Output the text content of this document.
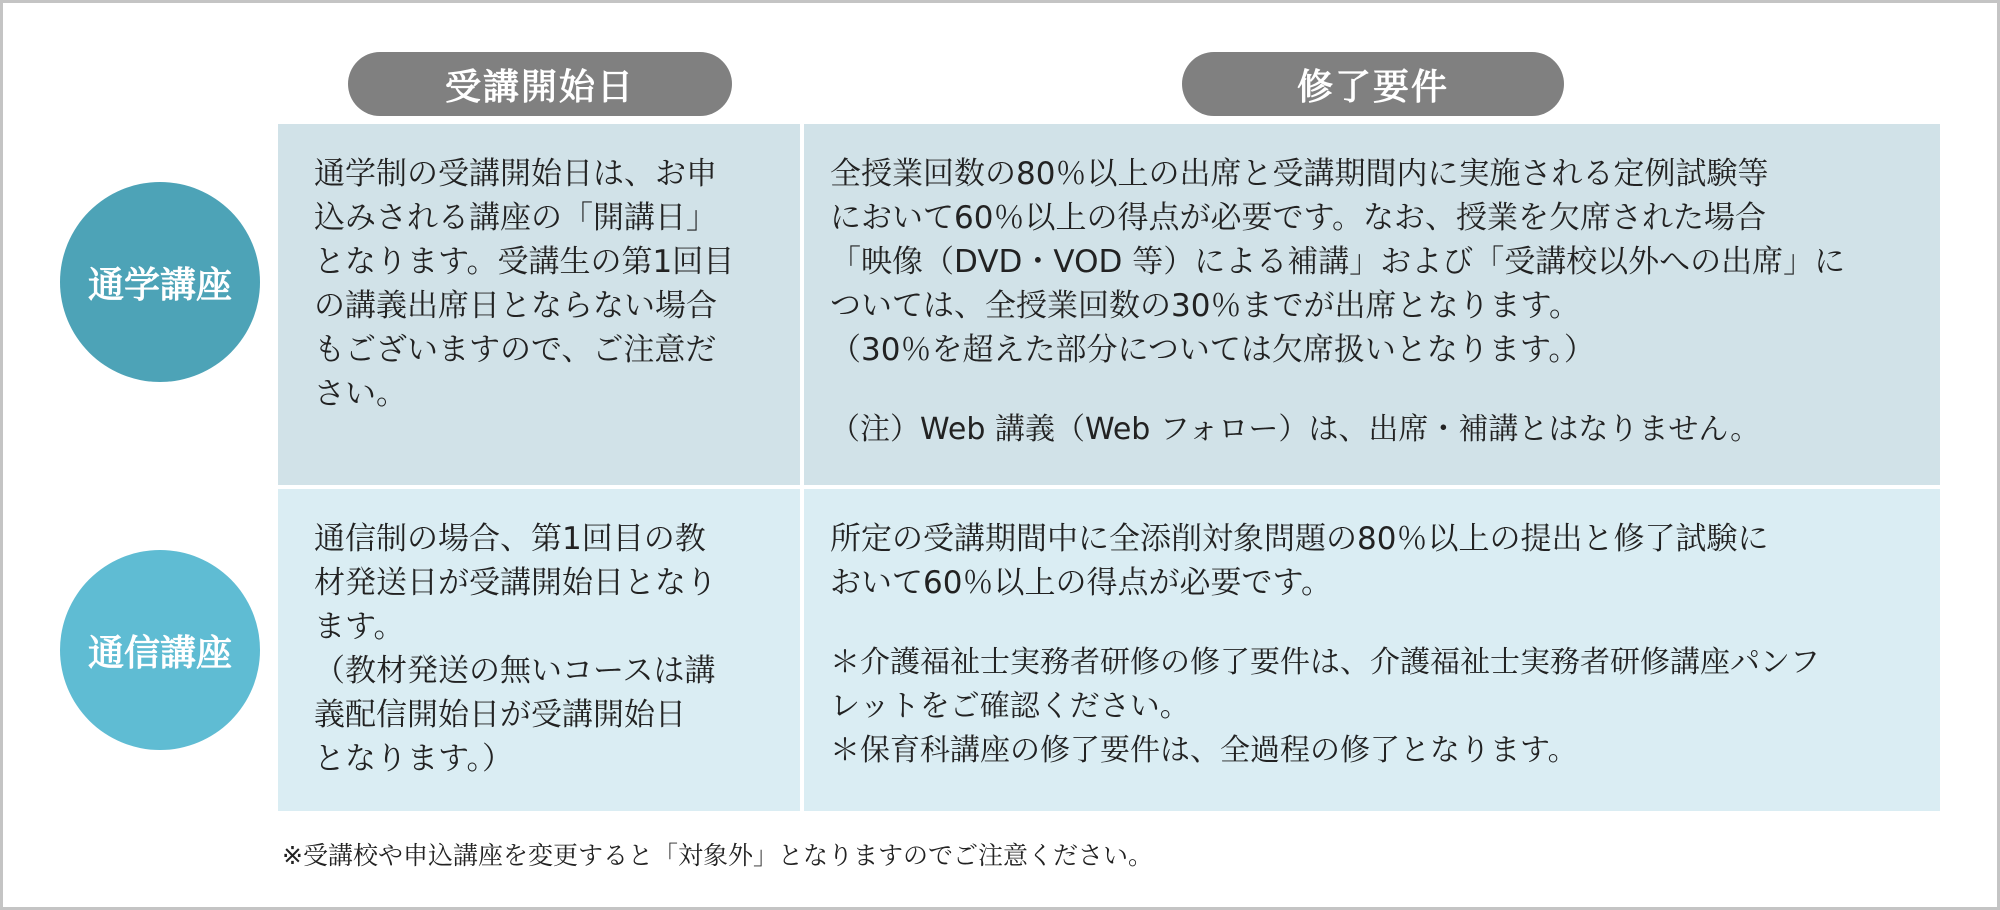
受講開始日	修了要件
通学講座

通学制の受講開始日は、お申
込みされる講座の「開講日」
となります。受講生の第1回目
の講義出席日とならない場合
もございますので、ご注意だ
さい。

全授業回数の80％以上の出席と受講期間内に実施される定例試験等
において60％以上の得点が必要です。なお、授業を欠席された場合
「映像（DVD・VOD 等）による補講」および「受講校以外への出席」に
ついては、全授業回数の30％までが出席となります。
（30％を超えた部分については欠席扱いとなります。）

（注）Web 講義（Web フォロー）は、出席・補講とはなりません。

通信講座

通信制の場合、第1回目の教
材発送日が受講開始日となり
ます。
（教材発送の無いコースは講
義配信開始日が受講開始日
となります。）

所定の受講期間中に全添削対象問題の80％以上の提出と修了試験に
おいて60％以上の得点が必要です。

＊介護福祉士実務者研修の修了要件は、介護福祉士実務者研修講座パンフ
レットをご確認ください。
＊保育科講座の修了要件は、全過程の修了となります。

※受講校や申込講座を変更すると「対象外」となりますのでご注意ください。
